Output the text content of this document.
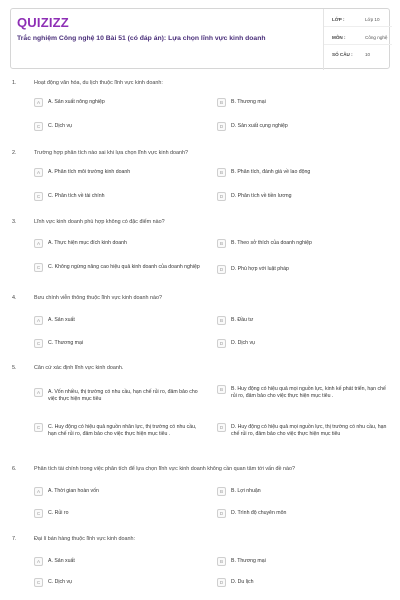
QUIZIZZ
Trắc nghiệm Công nghệ 10 Bài 51 (có đáp án): Lựa chọn lĩnh vực kinh doanh
LỚP :	Lớp 10
MÔN :	Công nghệ
SỐ CÂU :	10
1.	Hoạt động văn hóa, du lịch thuộc lĩnh vực kinh doanh:
A	A. Sản xuất nông nghiệp	B	B. Thương mại
C	C. Dịch vụ	D	D. Sản xuất cụng nghiệp
2.	Trường hợp phân tích nào sai khi lựa chọn lĩnh vực kinh doanh?
A	A. Phân tích môi trường kinh doanh	B	B. Phân tích, đánh giá về lao động
C	C. Phân tích về tài chính	D	D. Phân tích về tiền lương
3.	Lĩnh vực kinh doanh phù hợp không có đặc điểm nào?
A	A. Thực hiện mục đích kinh doanh	B	B. Theo sở thích của doanh nghiệp
C	C. Không ngừng nâng cao hiệu quả kinh doanh của doanh nghiệp	D	D. Phù hợp với luật pháp
4.	Bưu chính viễn thông thuộc lĩnh vực kinh doanh nào?
A	A. Sản xuất	B	B. Đầu tư
C	C. Thương mại	D	D. Dịch vụ
5.	Căn cứ xác định lĩnh vực kinh doanh.
A	A. Vốn nhiều, thị trường có nhu cầu, hạn chế rủi ro, đảm bảo cho việc thực hiện mục tiêu
B	B. Huy động có hiệu quả mọi nguồn lực, kinh kế phát triển, hạn chế rủi ro, đảm bảo cho việc thực hiện mục tiêu .
C	C. Huy động có hiệu quả nguồn nhân lực, thị trường có nhu cầu, hạn chế rủi ro, đảm bảo cho việc thực hiện mục tiêu .
D	D. Huy động có hiệu quả mọi nguồn lực, thị trường có nhu cầu, hạn chế rủi ro, đảm bảo cho việc thực hiện mục tiêu
6.	Phân tích tài chính trong việc phân tích để lựa chọn lĩnh vực kinh doanh không cần quan tâm tới vấn đề nào?
A	A. Thời gian hoàn vốn	B	B. Lợi nhuận
C	C. Rủi ro	D	D. Trình độ chuyên môn
7.	Đại lí bán hàng thuộc lĩnh vực kinh doanh:
A	A. Sản xuất	B	B. Thương mại
C	C. Dịch vụ	D	D. Du lịch
